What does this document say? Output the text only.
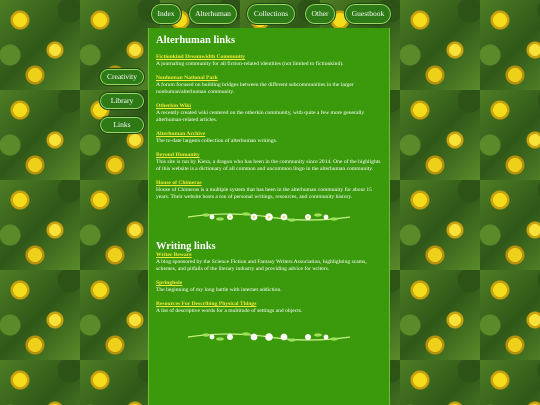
Index	Alterhuman	Collections	Other	Guestbook
Creativity
Library
Links
Alterhuman links
Fictionkind Dreamwidth Community

A journaling community for all fiction-related identities (not limited to fictionkind).

Nonhuman National Park

A forum focused on building bridges between the different subcommunities in the larger nonhuman/alterhuman community.

Otherkin Wiki

A recently created wiki centered on the otherkin community, with quite a few more generally alterhuman-related articles.

Alterhuman Archive

The to-date largests collection of alterhuman writings.

Beyond Humanity

This site is run by Kiera, a dragon who has been in the community since 2014. One of the highlights of this website is a dictionary of all common and uncommon lingo in the alterhuman community.

House of Chimeras

House of Chimeras is a multiple system that has been in the alterhuman community for about 15 years. Their website hosts a ton of personal writings, resources, and community history.

Writing links
Writer Beware

A blog sponsored by the Science Fiction and Fantasy Writers Association, highlighting scams, schemes, and pitfalls of the literary industry and providing advice for writers.

Springhole

The beginning of my long battle with internet addiction.

Resources For Describing Physical Things

A list of descriptive words for a multitude of settings and objects.
